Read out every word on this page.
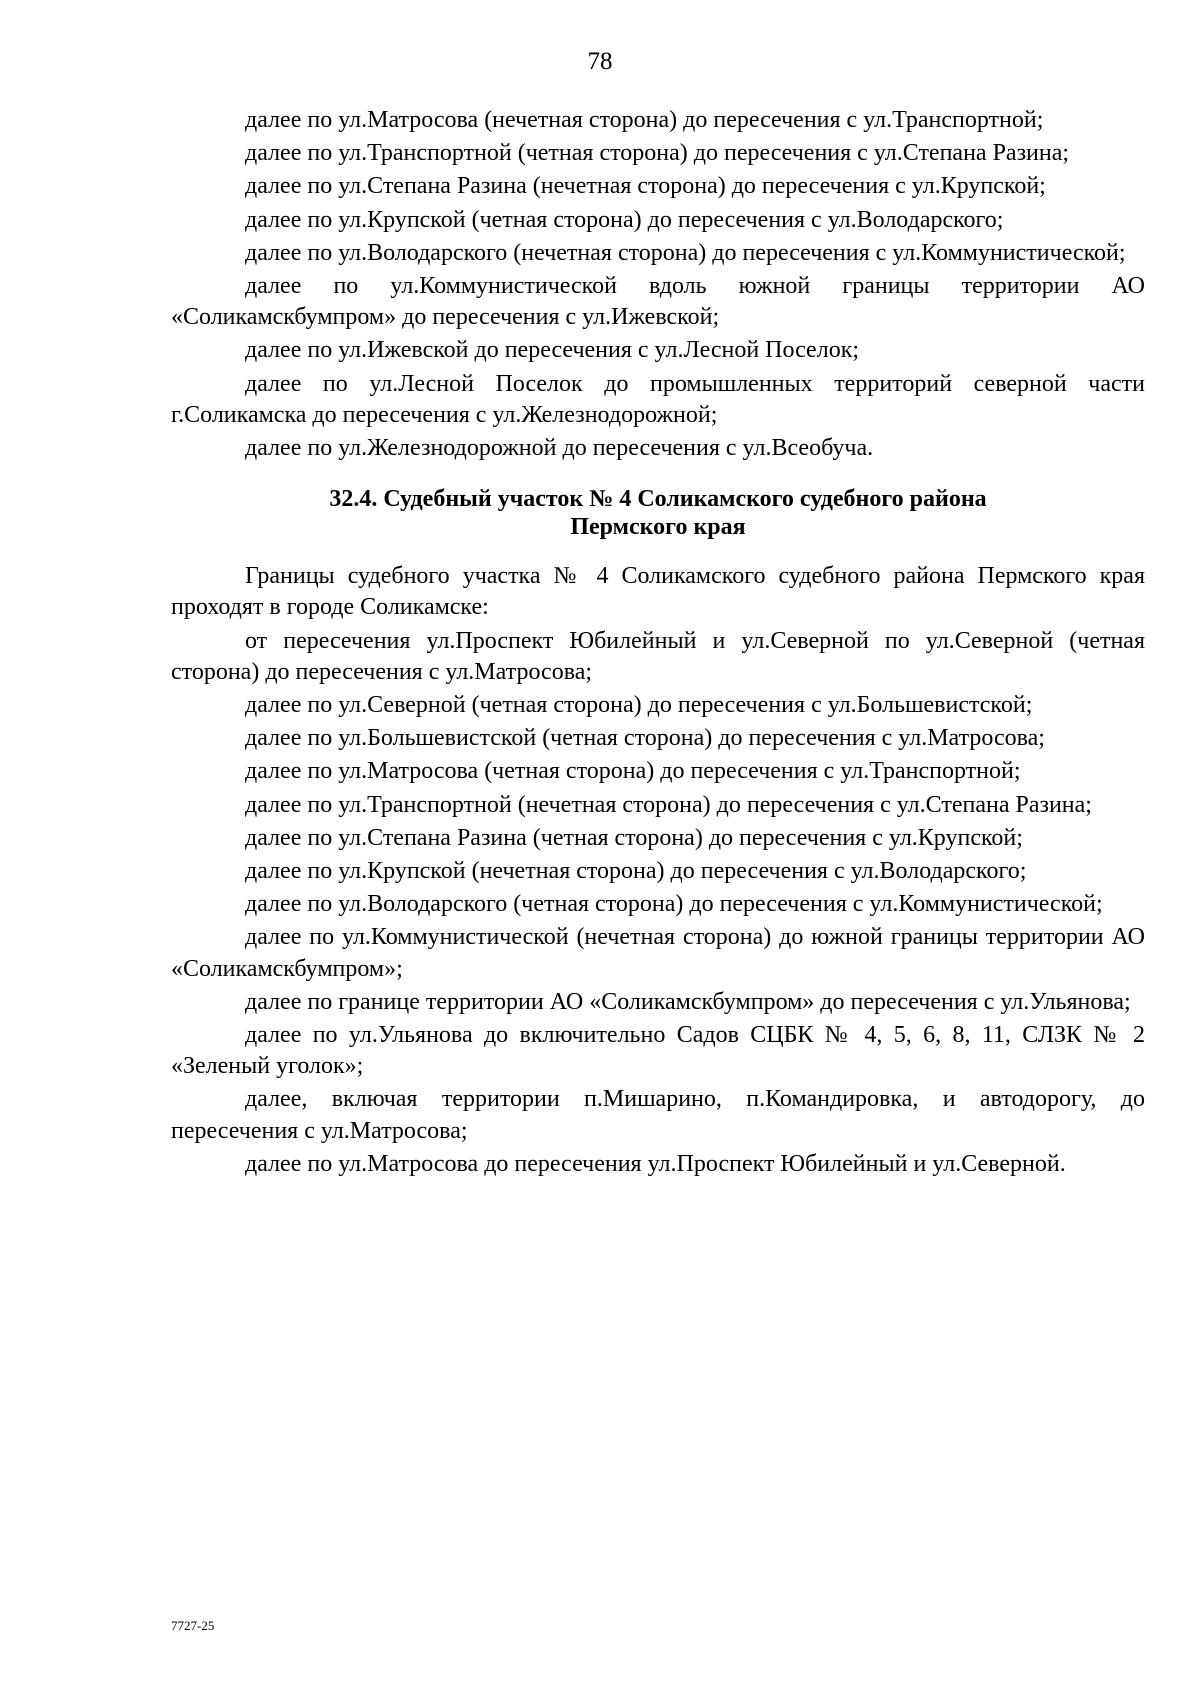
78

далее по ул.Матросова (нечетная сторона) до пересечения с ул.Транспортной;

далее по ул.Транспортной (четная сторона) до пересечения с ул.Степана Разина;

далее по ул.Степана Разина (нечетная сторона) до пересечения с ул.Крупской;

далее по ул.Крупской (четная сторона) до пересечения с ул.Володарского;

далее по ул.Володарского (нечетная сторона) до пересечения с ул.Коммунистической;

далее по ул.Коммунистической вдоль южной границы территории АО «Соликамскбумпром» до пересечения с ул.Ижевской;

далее по ул.Ижевской до пересечения с ул.Лесной Поселок;

далее по ул.Лесной Поселок до промышленных территорий северной части г.Соликамска до пересечения с ул.Железнодорожной;

далее по ул.Железнодорожной до пересечения с ул.Всеобуча.

32.4. Судебный участок № 4 Соликамского судебного района
Пермского края

Границы судебного участка № 4 Соликамского судебного района Пермского края проходят в городе Соликамске:

от пересечения ул.Проспект Юбилейный и ул.Северной по ул.Северной (четная сторона) до пересечения с ул.Матросова;

далее по ул.Северной (четная сторона) до пересечения с ул.Большевистской;

далее по ул.Большевистской (четная сторона) до пересечения с ул.Матросова;

далее по ул.Матросова (четная сторона) до пересечения с ул.Транспортной;

далее по ул.Транспортной (нечетная сторона) до пересечения с ул.Степана Разина;

далее по ул.Степана Разина (четная сторона) до пересечения с ул.Крупской;

далее по ул.Крупской (нечетная сторона) до пересечения с ул.Володарского;

далее по ул.Володарского (четная сторона) до пересечения с ул.Коммунистической;

далее по ул.Коммунистической (нечетная сторона) до южной границы территории АО «Соликамскбумпром»;

далее по границе территории АО «Соликамскбумпром» до пересечения с ул.Ульянова;

далее по ул.Ульянова до включительно Садов СЦБК № 4, 5, 6, 8, 11, СЛЗК № 2 «Зеленый уголок»;

далее, включая территории п.Мишарино, п.Командировка, и автодорогу, до пересечения с ул.Матросова;

далее по ул.Матросова до пересечения ул.Проспект Юбилейный и ул.Северной.

7727-25
